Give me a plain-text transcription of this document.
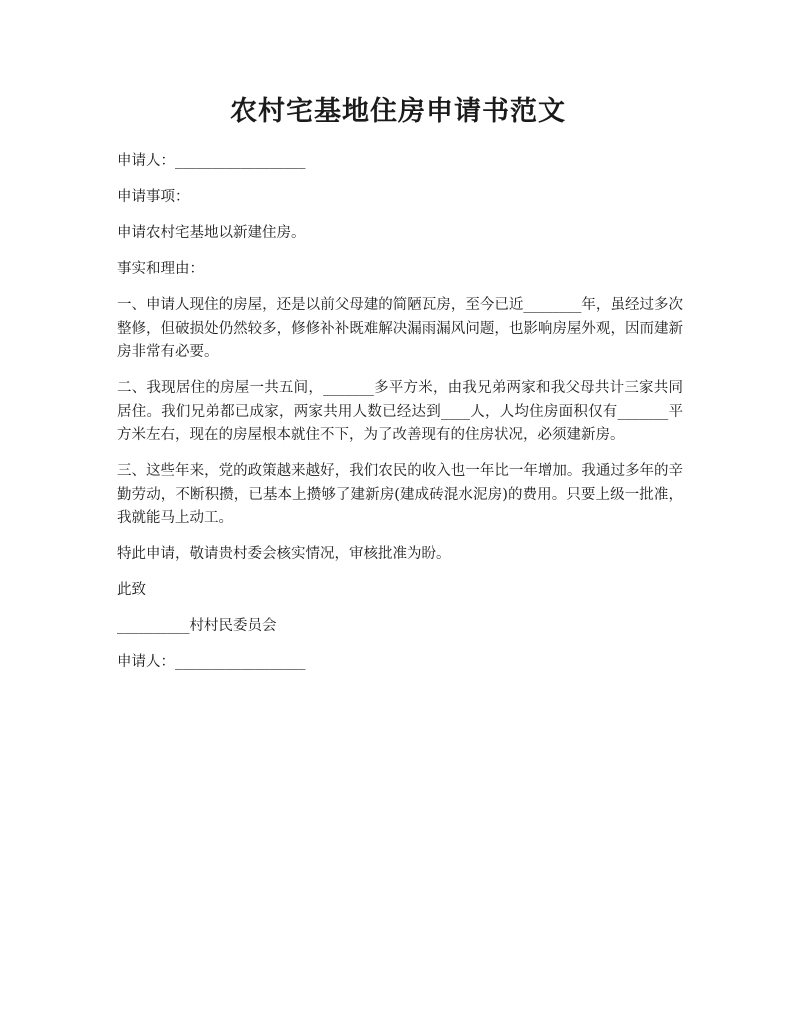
农村宅基地住房申请书范文

申请人：__________________

申请事项：

申请农村宅基地以新建住房。

事实和理由：

一、申请人现住的房屋，还是以前父母建的简陋瓦房，至今已近________年，虽经过多次整修，但破损处仍然较多，修修补补既难解决漏雨漏风问题，也影响房屋外观，因而建新房非常有必要。

二、我现居住的房屋一共五间，_______多平方米，由我兄弟两家和我父母共计三家共同居住。我们兄弟都已成家，两家共用人数已经达到____人，人均住房面积仅有_______平方米左右，现在的房屋根本就住不下，为了改善现有的住房状况，必须建新房。

三、这些年来，党的政策越来越好，我们农民的收入也一年比一年增加。我通过多年的辛勤劳动，不断积攒，已基本上攒够了建新房(建成砖混水泥房)的费用。只要上级一批准，我就能马上动工。

特此申请，敬请贵村委会核实情况，审核批准为盼。

此致

__________村村民委员会

申请人：__________________
